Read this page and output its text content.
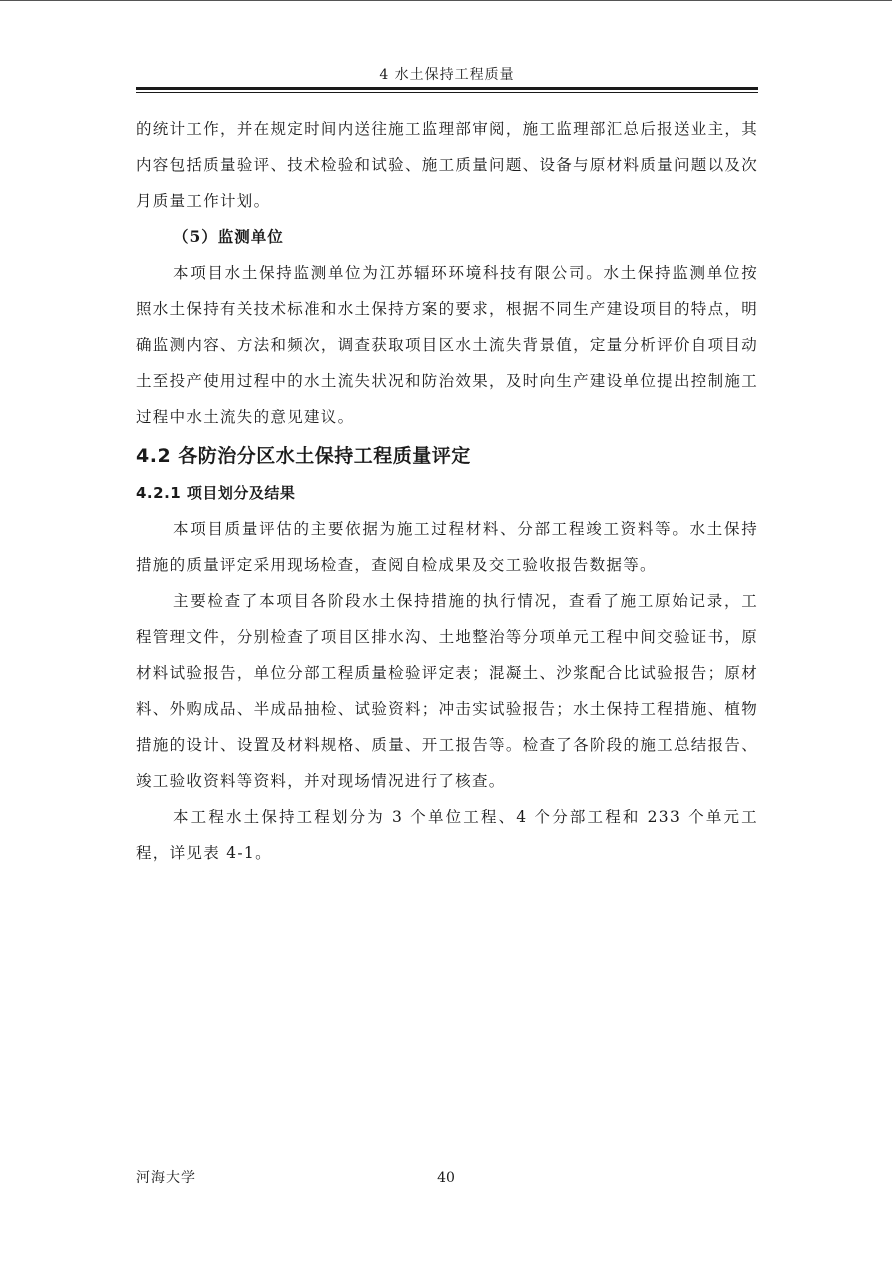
4 水土保持工程质量

的统计工作，并在规定时间内送往施工监理部审阅，施工监理部汇总后报送业主，其内容包括质量验评、技术检验和试验、施工质量问题、设备与原材料质量问题以及次月质量工作计划。

（5）监测单位

本项目水土保持监测单位为江苏辐环环境科技有限公司。水土保持监测单位按照水土保持有关技术标准和水土保持方案的要求，根据不同生产建设项目的特点，明确监测内容、方法和频次，调查获取项目区水土流失背景值，定量分析评价自项目动土至投产使用过程中的水土流失状况和防治效果，及时向生产建设单位提出控制施工过程中水土流失的意见建议。

4.2 各防治分区水土保持工程质量评定
4.2.1 项目划分及结果

本项目质量评估的主要依据为施工过程材料、分部工程竣工资料等。水土保持措施的质量评定采用现场检查，查阅自检成果及交工验收报告数据等。

主要检查了本项目各阶段水土保持措施的执行情况，查看了施工原始记录，工程管理文件，分别检查了项目区排水沟、土地整治等分项单元工程中间交验证书，原材料试验报告，单位分部工程质量检验评定表；混凝土、沙浆配合比试验报告；原材料、外购成品、半成品抽检、试验资料；冲击实试验报告；水土保持工程措施、植物措施的设计、设置及材料规格、质量、开工报告等。检查了各阶段的施工总结报告、竣工验收资料等资料，并对现场情况进行了核查。

本工程水土保持工程划分为 3 个单位工程、4 个分部工程和 233 个单元工程，详见表 4-1。

河海大学	40
